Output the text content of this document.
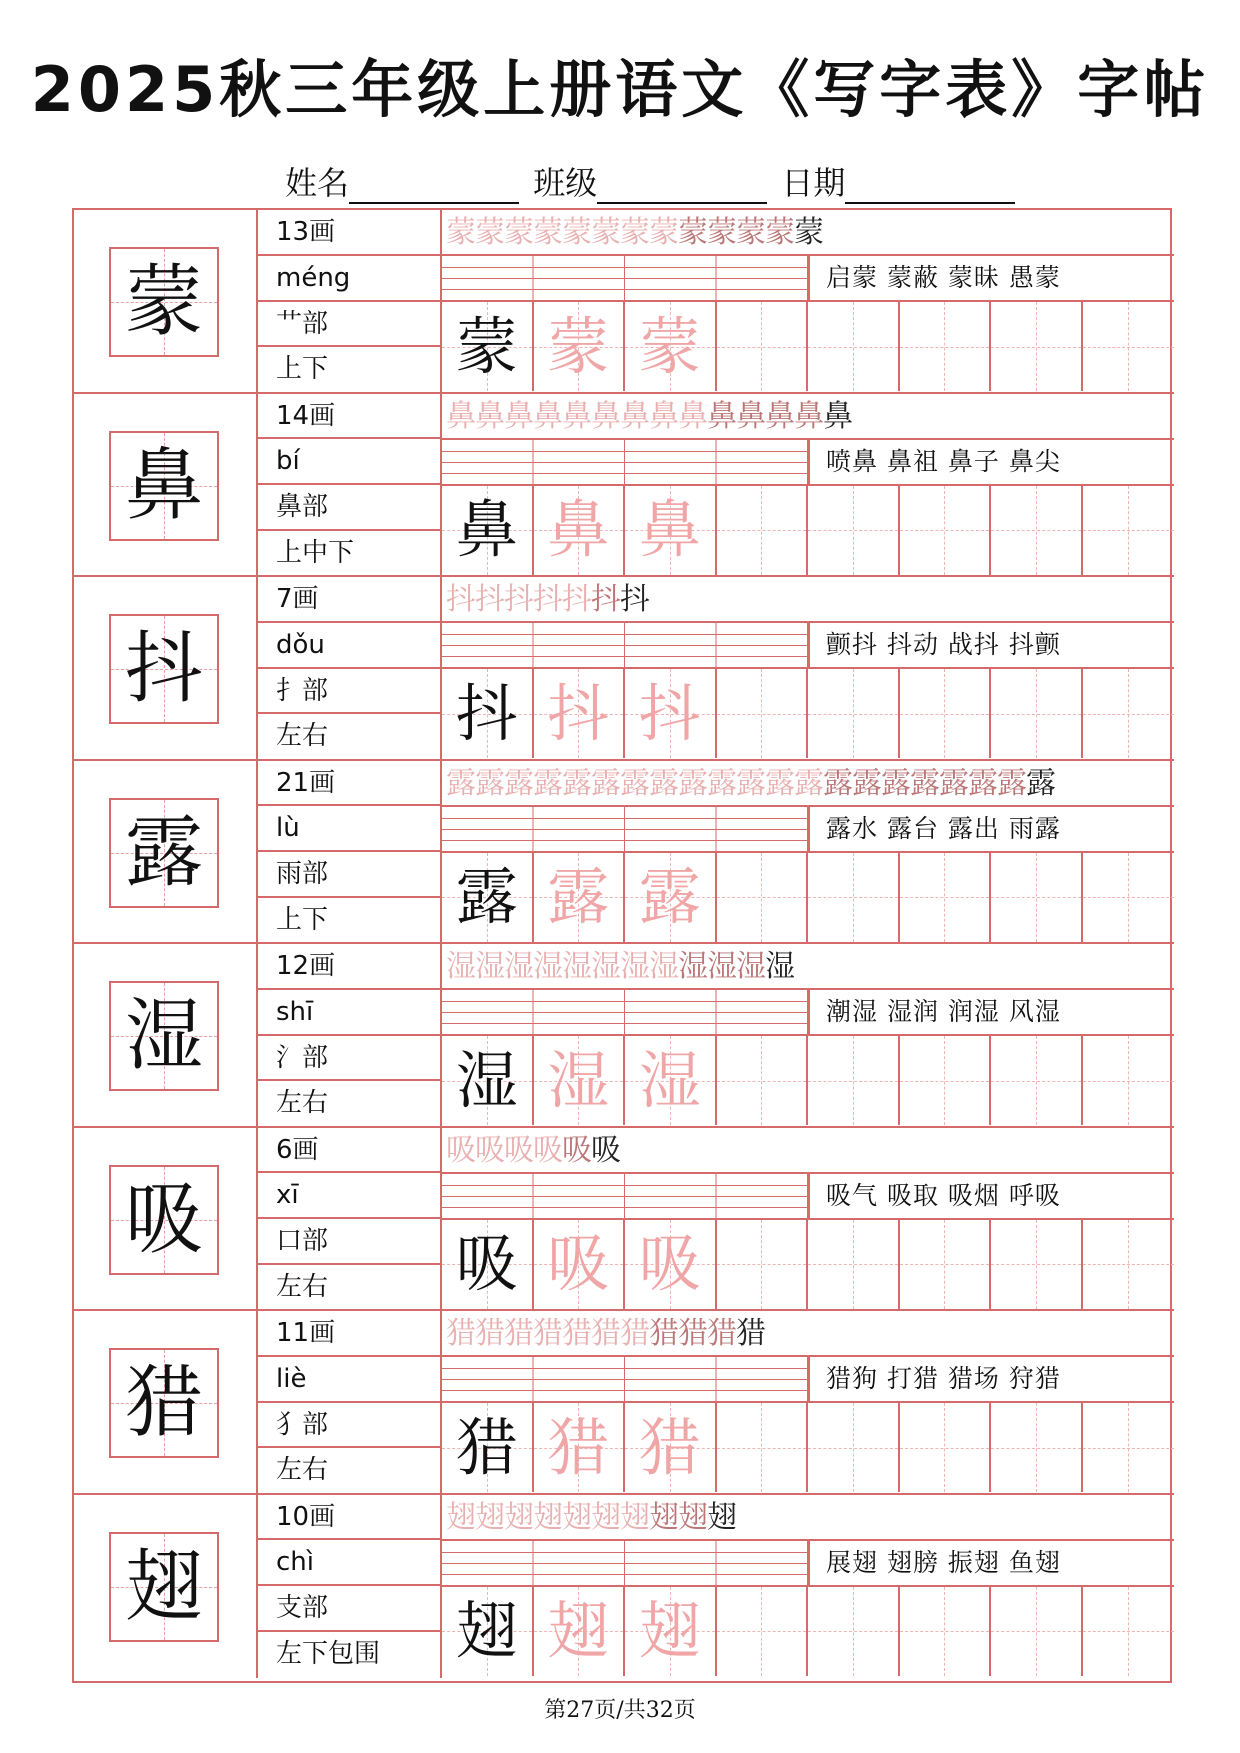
2025秋三年级上册语文《写字表》字帖
姓名	班级	日期
蒙
13画
méng
艹部
上下
蒙蒙蒙蒙蒙蒙蒙蒙蒙蒙蒙蒙蒙
启蒙 蒙蔽 蒙昧 愚蒙
蒙 蒙 蒙
鼻
14画
bí
鼻部
上中下
鼻鼻鼻鼻鼻鼻鼻鼻鼻鼻鼻鼻鼻鼻
喷鼻 鼻祖 鼻子 鼻尖
鼻 鼻 鼻
抖
7画
dǒu
扌部
左右
抖抖抖抖抖抖抖
颤抖 抖动 战抖 抖颤
抖 抖 抖
露
21画
lù
雨部
上下
露露露露露露露露露露露露露露露露露露露露露
露水 露台 露出 雨露
露 露 露
湿
12画
shī
氵部
左右
湿湿湿湿湿湿湿湿湿湿湿湿
潮湿 湿润 润湿 风湿
湿 湿 湿
吸
6画
xī
口部
左右
吸吸吸吸吸吸
吸气 吸取 吸烟 呼吸
吸 吸 吸
猎
11画
liè
犭部
左右
猎猎猎猎猎猎猎猎猎猎猎
猎狗 打猎 猎场 狩猎
猎 猎 猎
翅
10画
chì
支部
左下包围
翅翅翅翅翅翅翅翅翅翅
展翅 翅膀 振翅 鱼翅
翅 翅 翅
第27页/共32页
